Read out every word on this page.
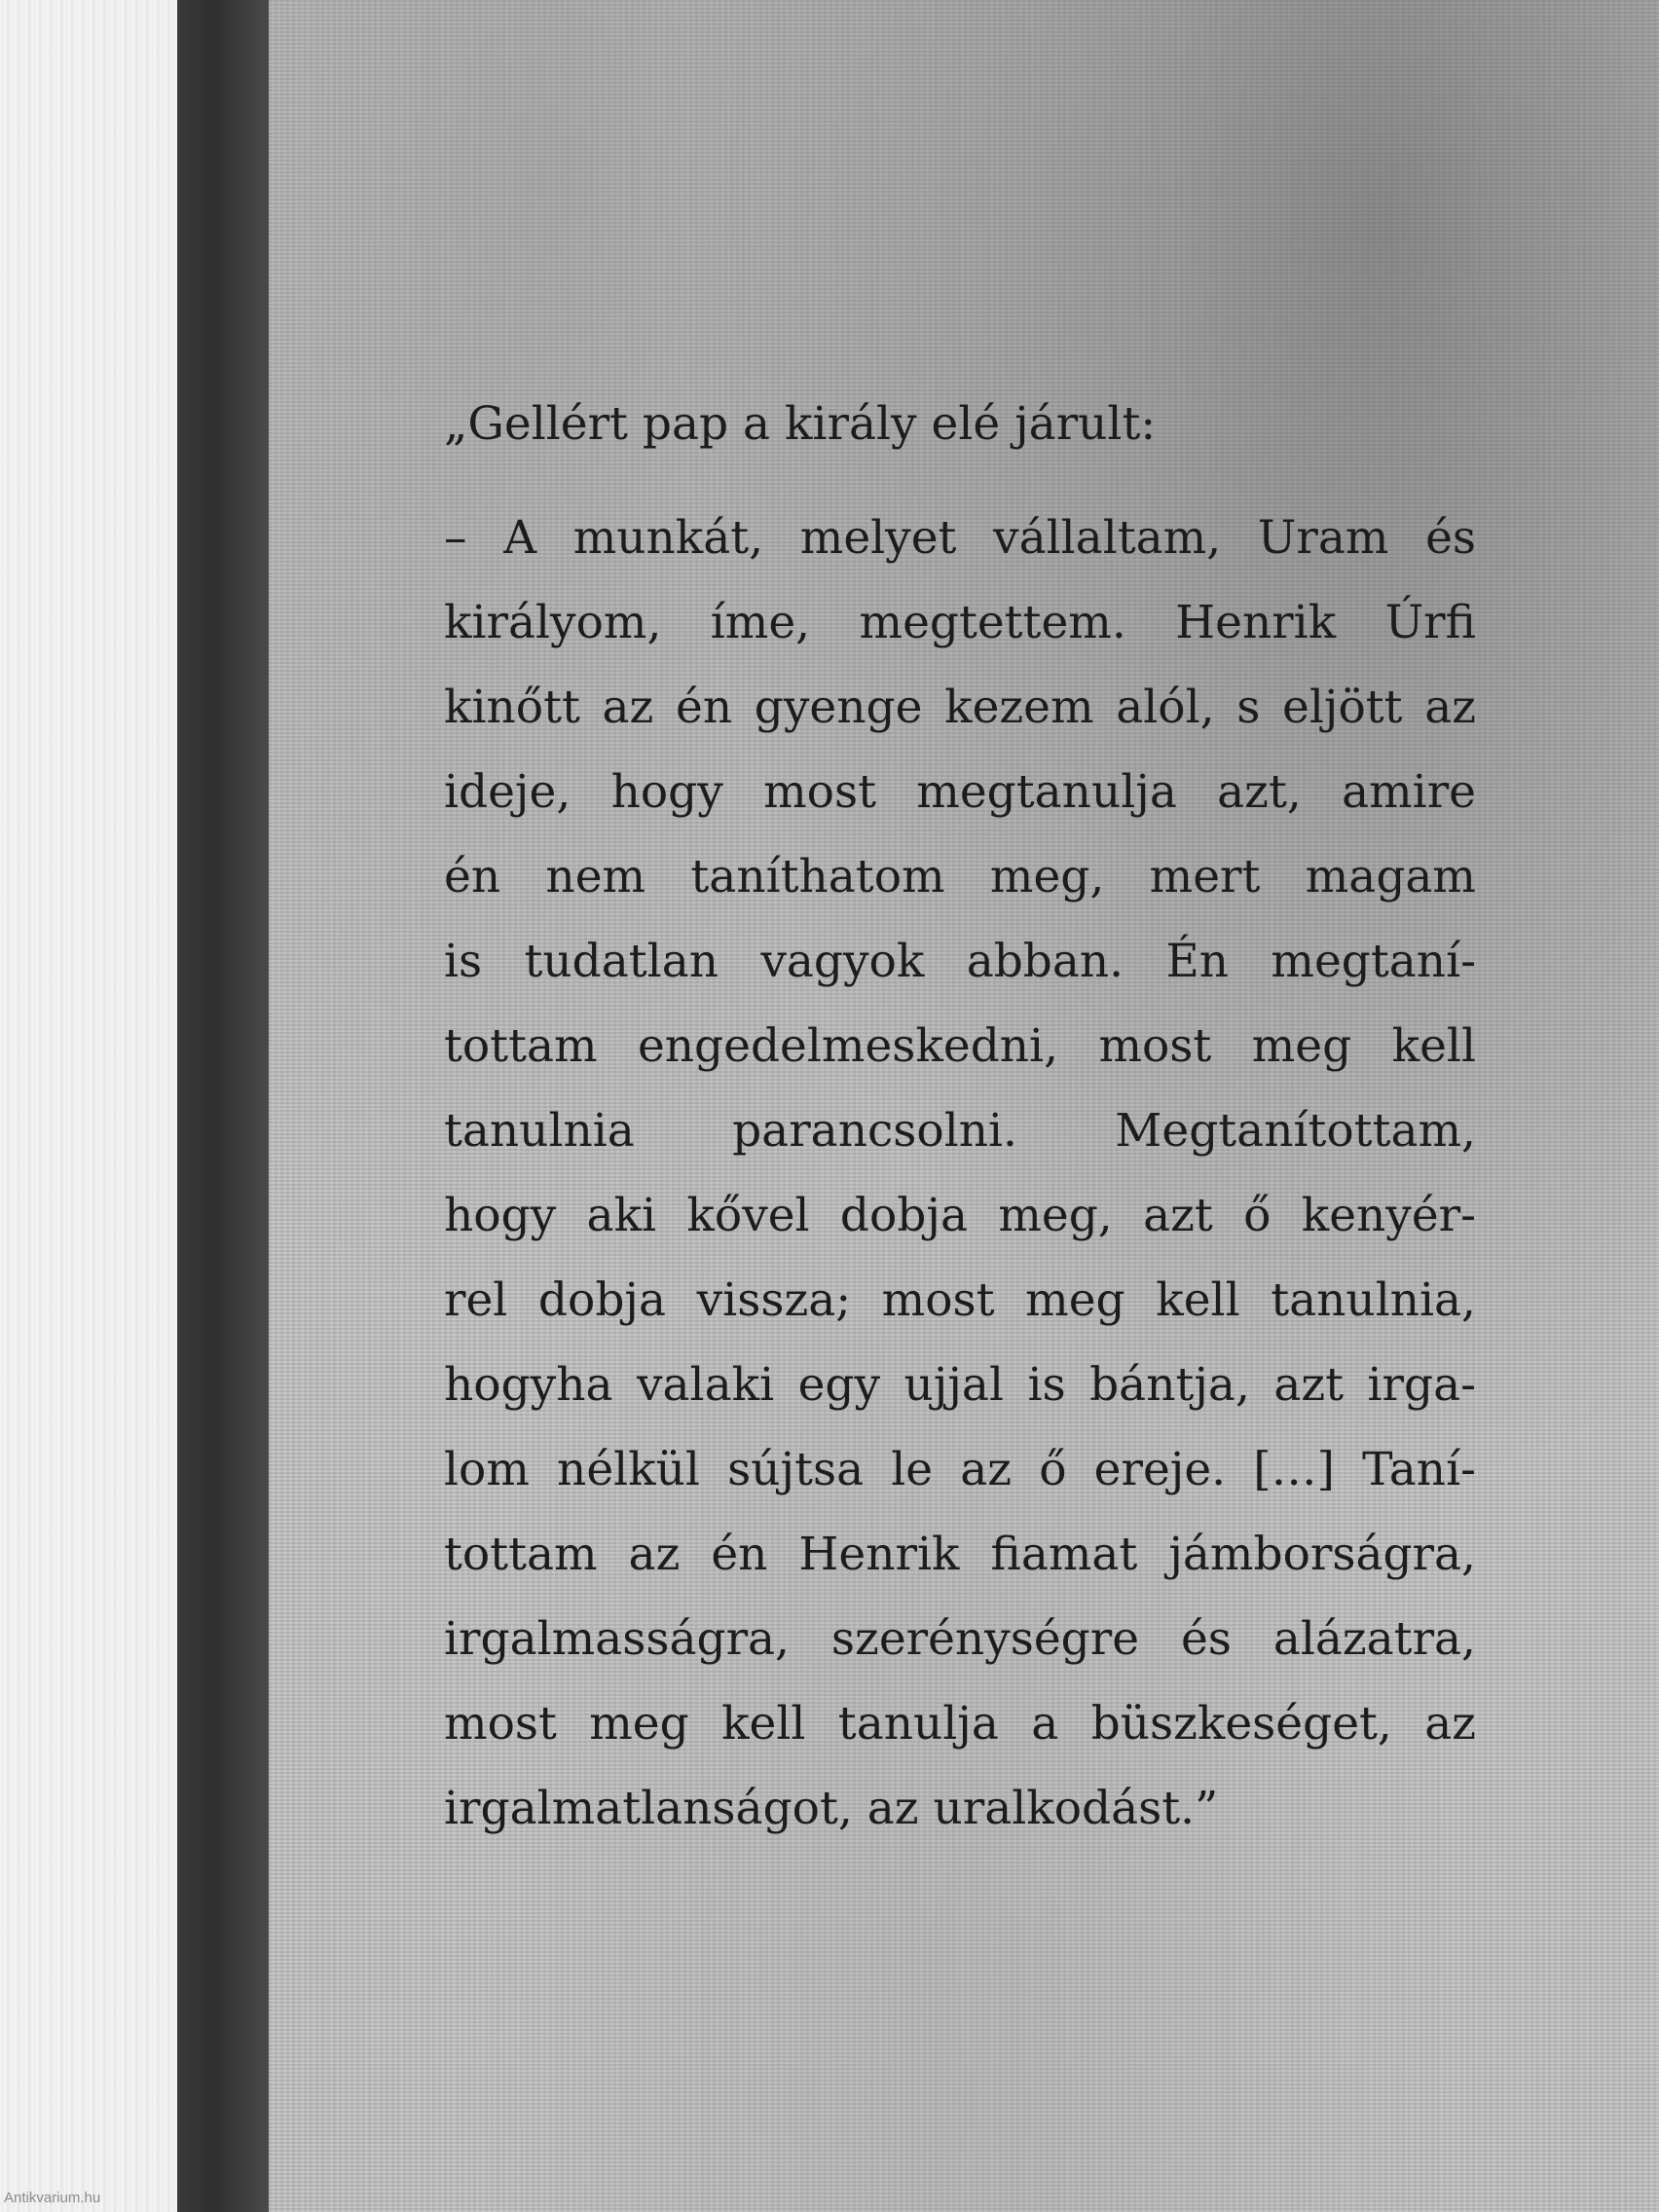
„Gellért pap a király elé járult:
– A munkát, melyet vállaltam, Uram és
királyom, íme, megtettem. Henrik Úrfi
kinőtt az én gyenge kezem alól, s eljött az
ideje, hogy most megtanulja azt, amire
én nem taníthatom meg, mert magam
is tudatlan vagyok abban. Én megtaní-
tottam engedelmeskedni, most meg kell
tanulnia parancsolni. Megtanítottam,
hogy aki kővel dobja meg, azt ő kenyér-
rel dobja vissza; most meg kell tanulnia,
hogyha valaki egy ujjal is bántja, azt irga-
lom nélkül sújtsa le az ő ereje. […] Taní-
tottam az én Henrik fiamat jámborságra,
irgalmasságra, szerénységre és alázatra,
most meg kell tanulja a büszkeséget, az
irgalmatlanságot, az uralkodást.”
Antikvarium.hu
